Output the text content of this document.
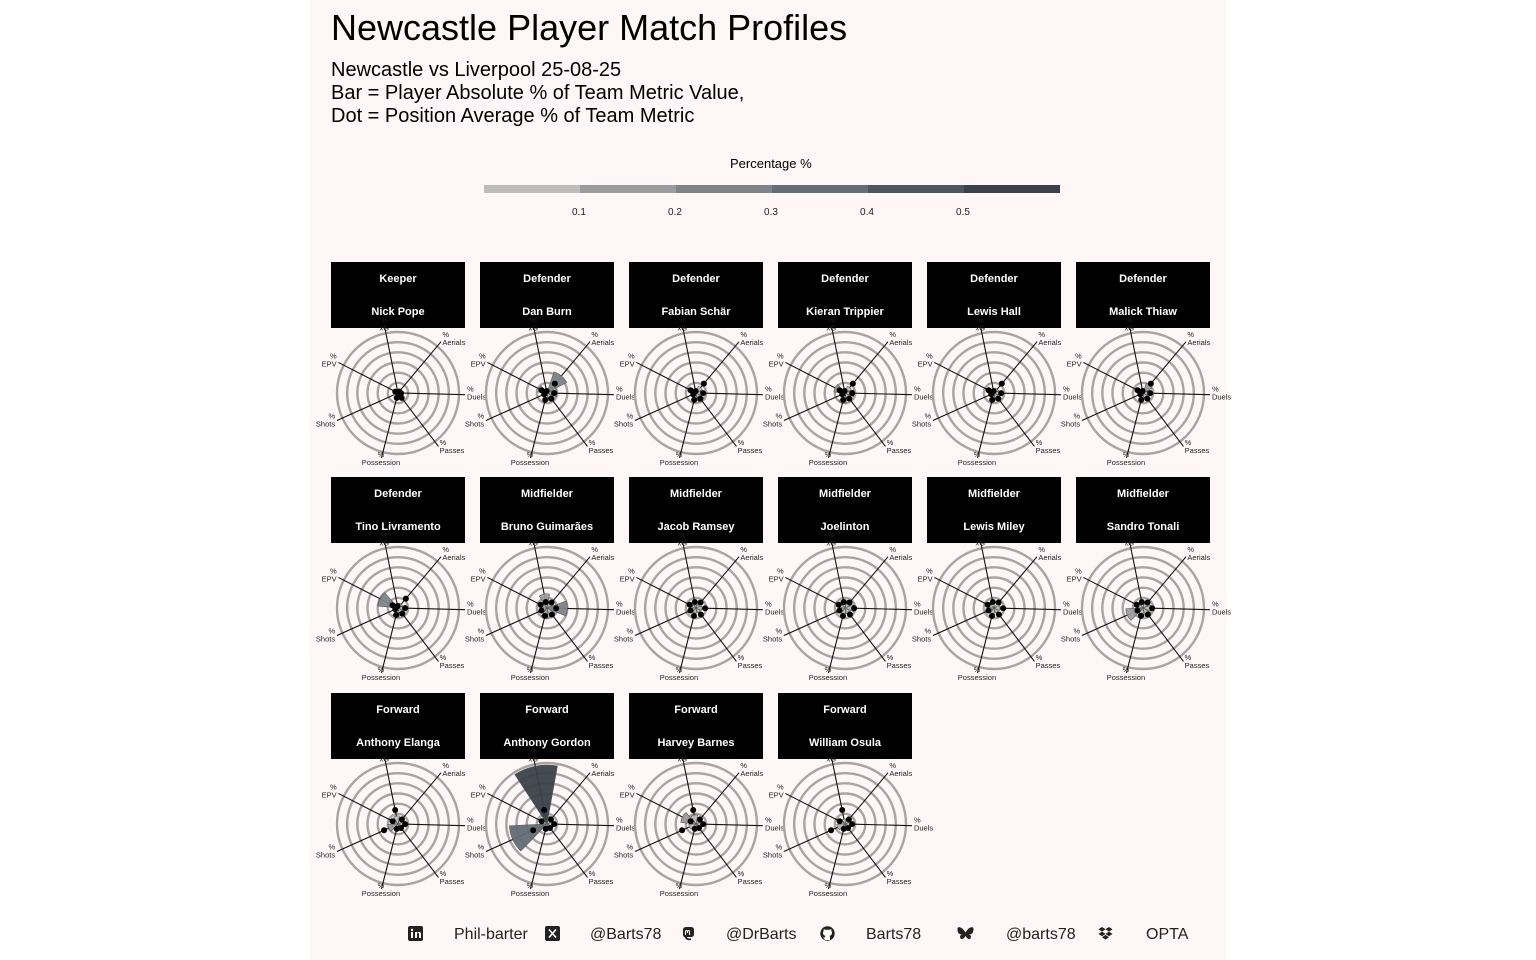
Newcastle Player Match Profiles
Newcastle vs Liverpool 25-08-25
Bar = Player Absolute % of Team Metric Value,
Dot = Position Average % of Team Metric
Percentage %
0.1	0.2	0.3	0.4	0.5
Keeper
Nick Pope
% Aerials
% Duels
% Passes
% Possession
% Shots
% EPV
% xG
Defender
Dan Burn
% Aerials
% Duels
% Passes
% Possession
% Shots
% EPV
% xG
Defender
Fabian Schär
% Aerials
% Duels
% Passes
% Possession
% Shots
% EPV
% xG
Defender
Kieran Trippier
% Aerials
% Duels
% Passes
% Possession
% Shots
% EPV
% xG
Defender
Lewis Hall
% Aerials
% Duels
% Passes
% Possession
% Shots
% EPV
% xG
Defender
Malick Thiaw
% Aerials
% Duels
% Passes
% Possession
% Shots
% EPV
% xG
Defender
Tino Livramento
% Aerials
% Duels
% Passes
% Possession
% Shots
% EPV
% xG
Midfielder
Bruno Guimarães
% Aerials
% Duels
% Passes
% Possession
% Shots
% EPV
% xG
Midfielder
Jacob Ramsey
% Aerials
% Duels
% Passes
% Possession
% Shots
% EPV
% xG
Midfielder
Joelinton
% Aerials
% Duels
% Passes
% Possession
% Shots
% EPV
% xG
Midfielder
Lewis Miley
% Aerials
% Duels
% Passes
% Possession
% Shots
% EPV
% xG
Midfielder
Sandro Tonali
% Aerials
% Duels
% Passes
% Possession
% Shots
% EPV
% xG
Forward
Anthony Elanga
% Aerials
% Duels
% Passes
% Possession
% Shots
% EPV
% xG
Forward
Anthony Gordon
% Aerials
% Duels
% Passes
% Possession
% Shots
% EPV
% xG
Forward
Harvey Barnes
% Aerials
% Duels
% Passes
% Possession
% Shots
% EPV
% xG
Forward
William Osula
% Aerials
% Duels
% Passes
% Possession
% Shots
% EPV
% xG
Phil-barter	@Barts78	@DrBarts	Barts78	@barts78	OPTA
